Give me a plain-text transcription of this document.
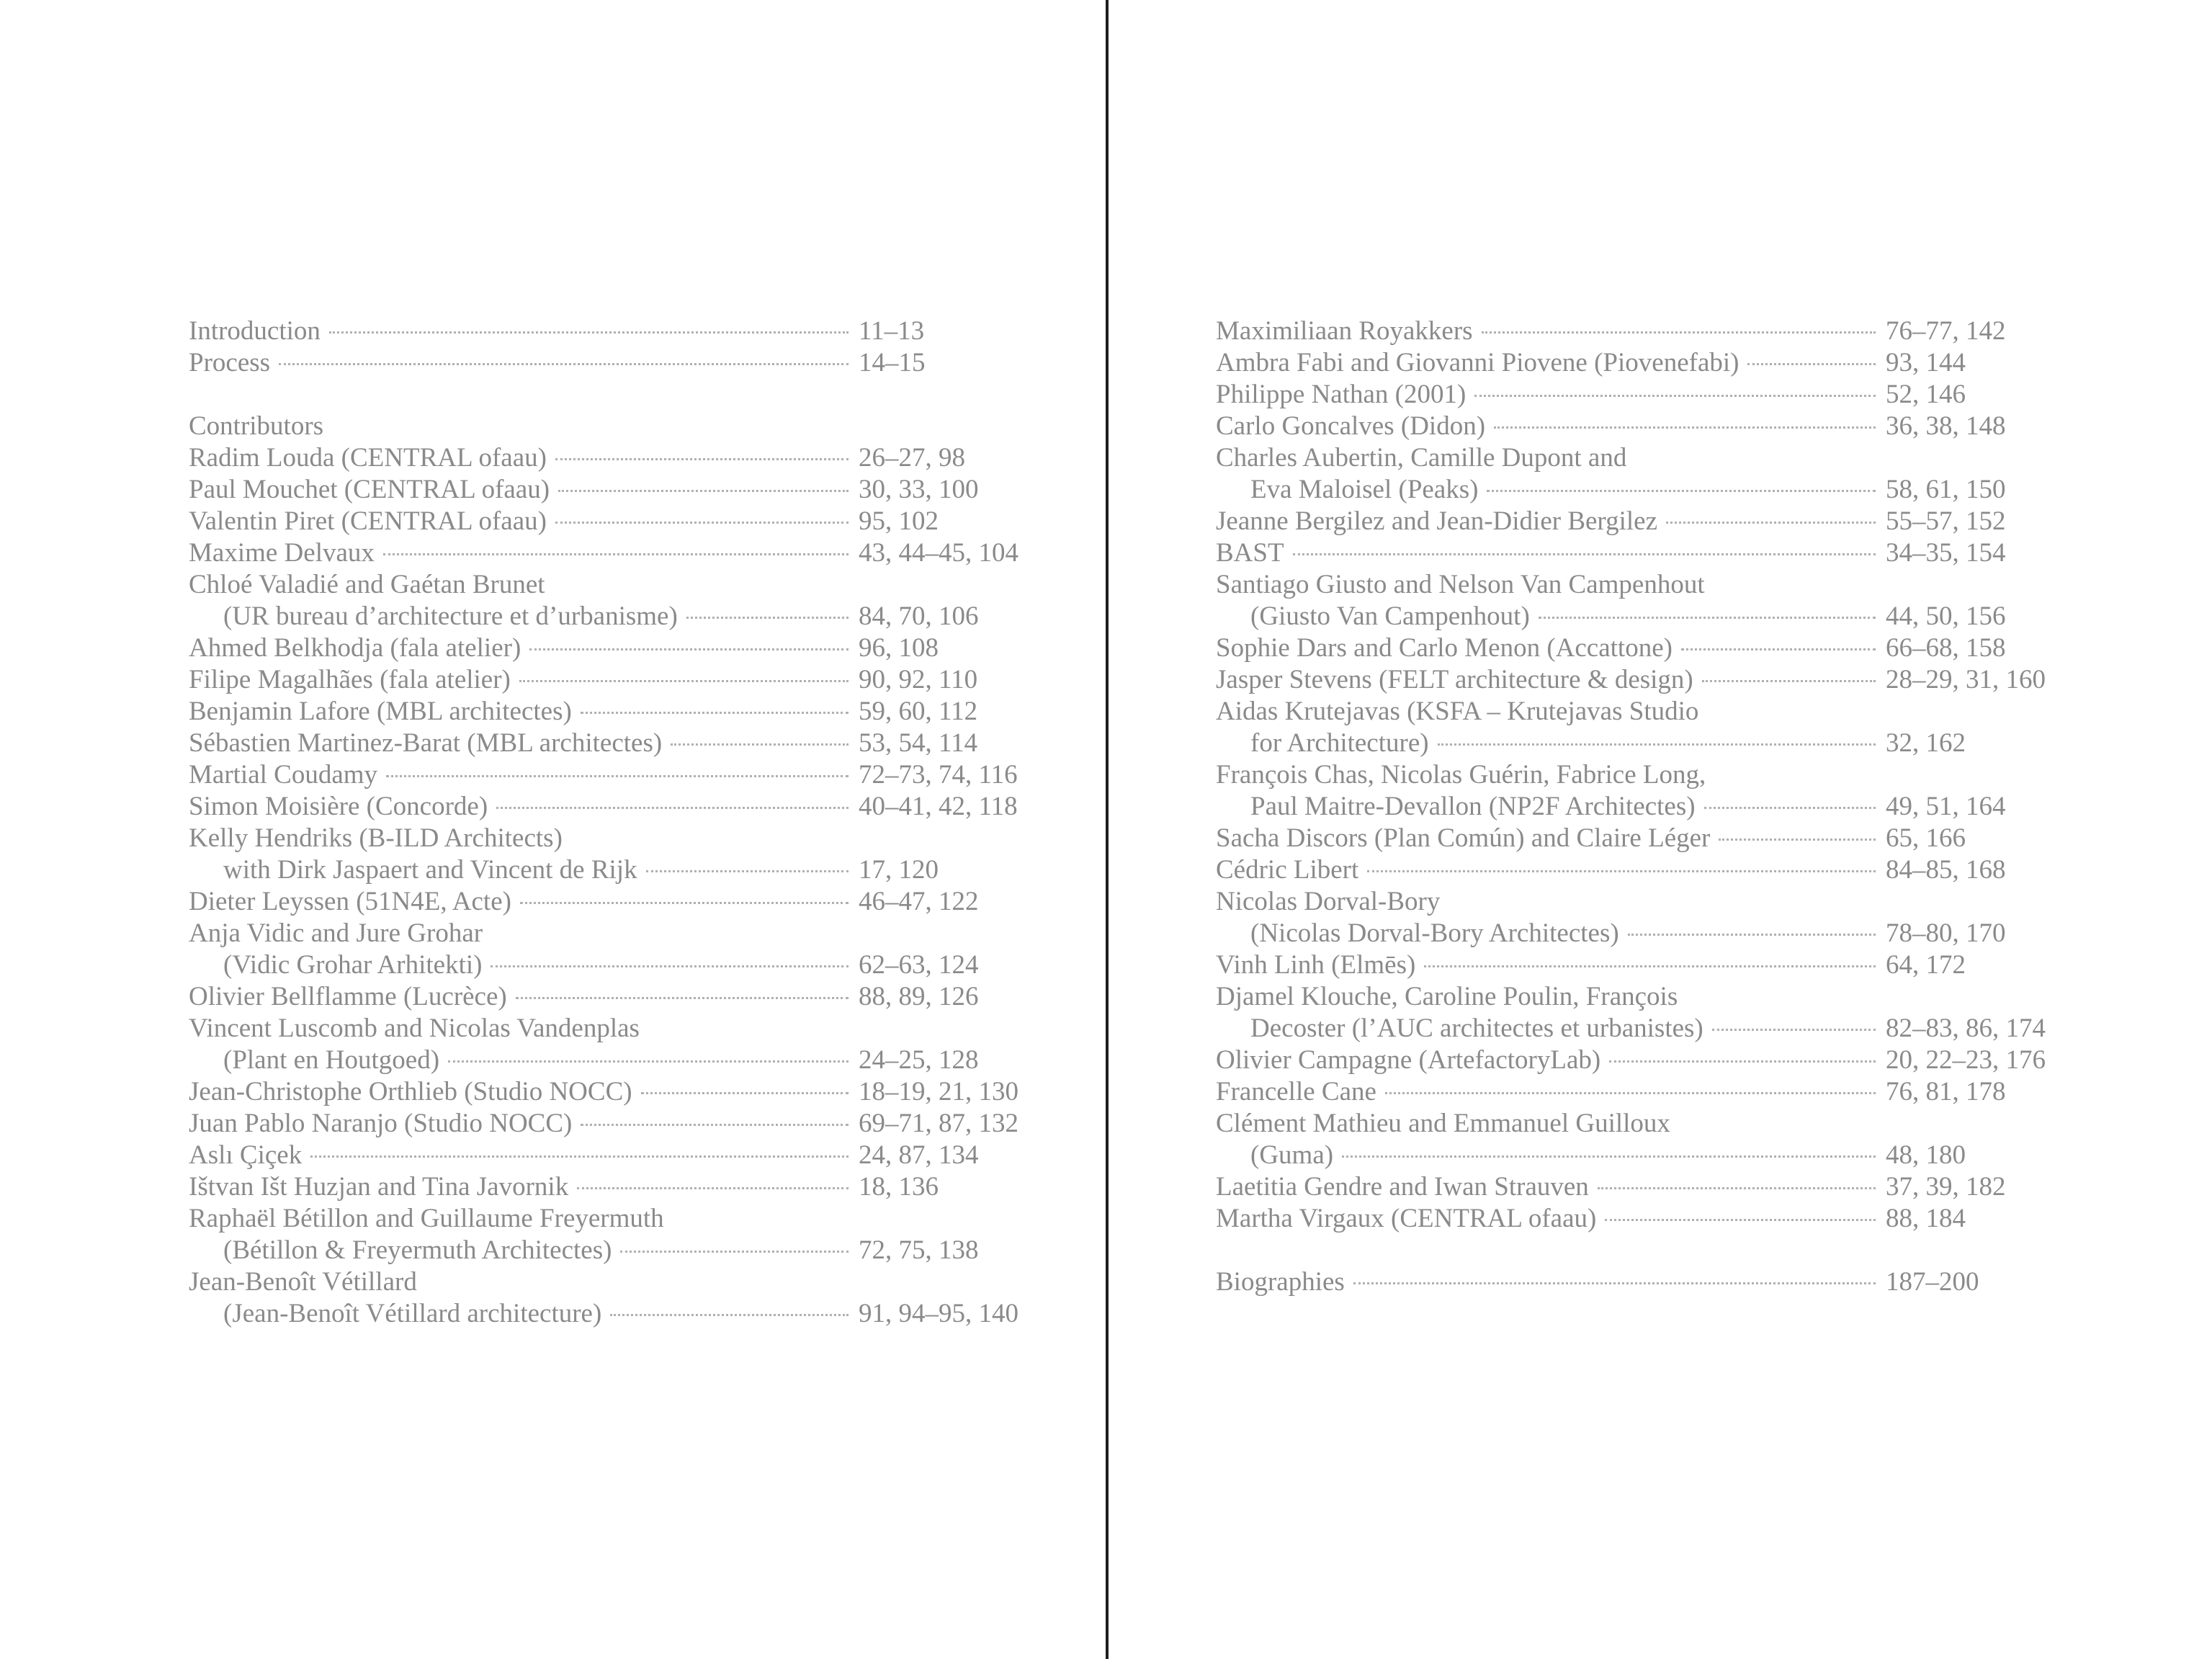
Introduction	11–13
Process	14–15
Contributors
Radim Louda (CENTRAL ofaau)	26–27, 98
Paul Mouchet (CENTRAL ofaau)	30, 33, 100
Valentin Piret (CENTRAL ofaau)	95, 102
Maxime Delvaux	43, 44–45, 104
Chloé Valadié and Gaétan Brunet
(UR bureau d’architecture et d’urbanisme)	84, 70, 106
Ahmed Belkhodja (fala atelier)	96, 108
Filipe Magalhães (fala atelier)	90, 92, 110
Benjamin Lafore (MBL architectes)	59, 60, 112
Sébastien Martinez-Barat (MBL architectes)	53, 54, 114
Martial Coudamy	72–73, 74, 116
Simon Moisière (Concorde)	40–41, 42, 118
Kelly Hendriks (B-ILD Architects)
with Dirk Jaspaert and Vincent de Rijk	17, 120
Dieter Leyssen (51N4E, Acte)	46–47, 122
Anja Vidic and Jure Grohar
(Vidic Grohar Arhitekti)	62–63, 124
Olivier Bellflamme (Lucrèce)	88, 89, 126
Vincent Luscomb and Nicolas Vandenplas
(Plant en Houtgoed)	24–25, 128
Jean-Christophe Orthlieb (Studio NOCC)	18–19, 21, 130
Juan Pablo Naranjo (Studio NOCC)	69–71, 87, 132
Aslı Çiçek	24, 87, 134
Ištvan Išt Huzjan and Tina Javornik	18, 136
Raphaël Bétillon and Guillaume Freyermuth
(Bétillon & Freyermuth Architectes)	72, 75, 138
Jean-Benoît Vétillard
(Jean-Benoît Vétillard architecture)	91, 94–95, 140
Maximiliaan Royakkers	76–77, 142
Ambra Fabi and Giovanni Piovene (Piovenefabi)	93, 144
Philippe Nathan (2001)	52, 146
Carlo Goncalves (Didon)	36, 38, 148
Charles Aubertin, Camille Dupont and
Eva Maloisel (Peaks)	58, 61, 150
Jeanne Bergilez and Jean-Didier Bergilez	55–57, 152
BAST	34–35, 154
Santiago Giusto and Nelson Van Campenhout
(Giusto Van Campenhout)	44, 50, 156
Sophie Dars and Carlo Menon (Accattone)	66–68, 158
Jasper Stevens (FELT architecture & design)	28–29, 31, 160
Aidas Krutejavas (KSFA – Krutejavas Studio
for Architecture)	32, 162
François Chas, Nicolas Guérin, Fabrice Long,
Paul Maitre-Devallon (NP2F Architectes)	49, 51, 164
Sacha Discors (Plan Común) and Claire Léger	65, 166
Cédric Libert	84–85, 168
Nicolas Dorval-Bory
(Nicolas Dorval-Bory Architectes)	78–80, 170
Vinh Linh (Elmēs)	64, 172
Djamel Klouche, Caroline Poulin, François
Decoster (l’AUC architectes et urbanistes)	82–83, 86, 174
Olivier Campagne (ArtefactoryLab)	20, 22–23, 176
Francelle Cane	76, 81, 178
Clément Mathieu and Emmanuel Guilloux
(Guma)	48, 180
Laetitia Gendre and Iwan Strauven	37, 39, 182
Martha Virgaux (CENTRAL ofaau)	88, 184
Biographies	187–200
